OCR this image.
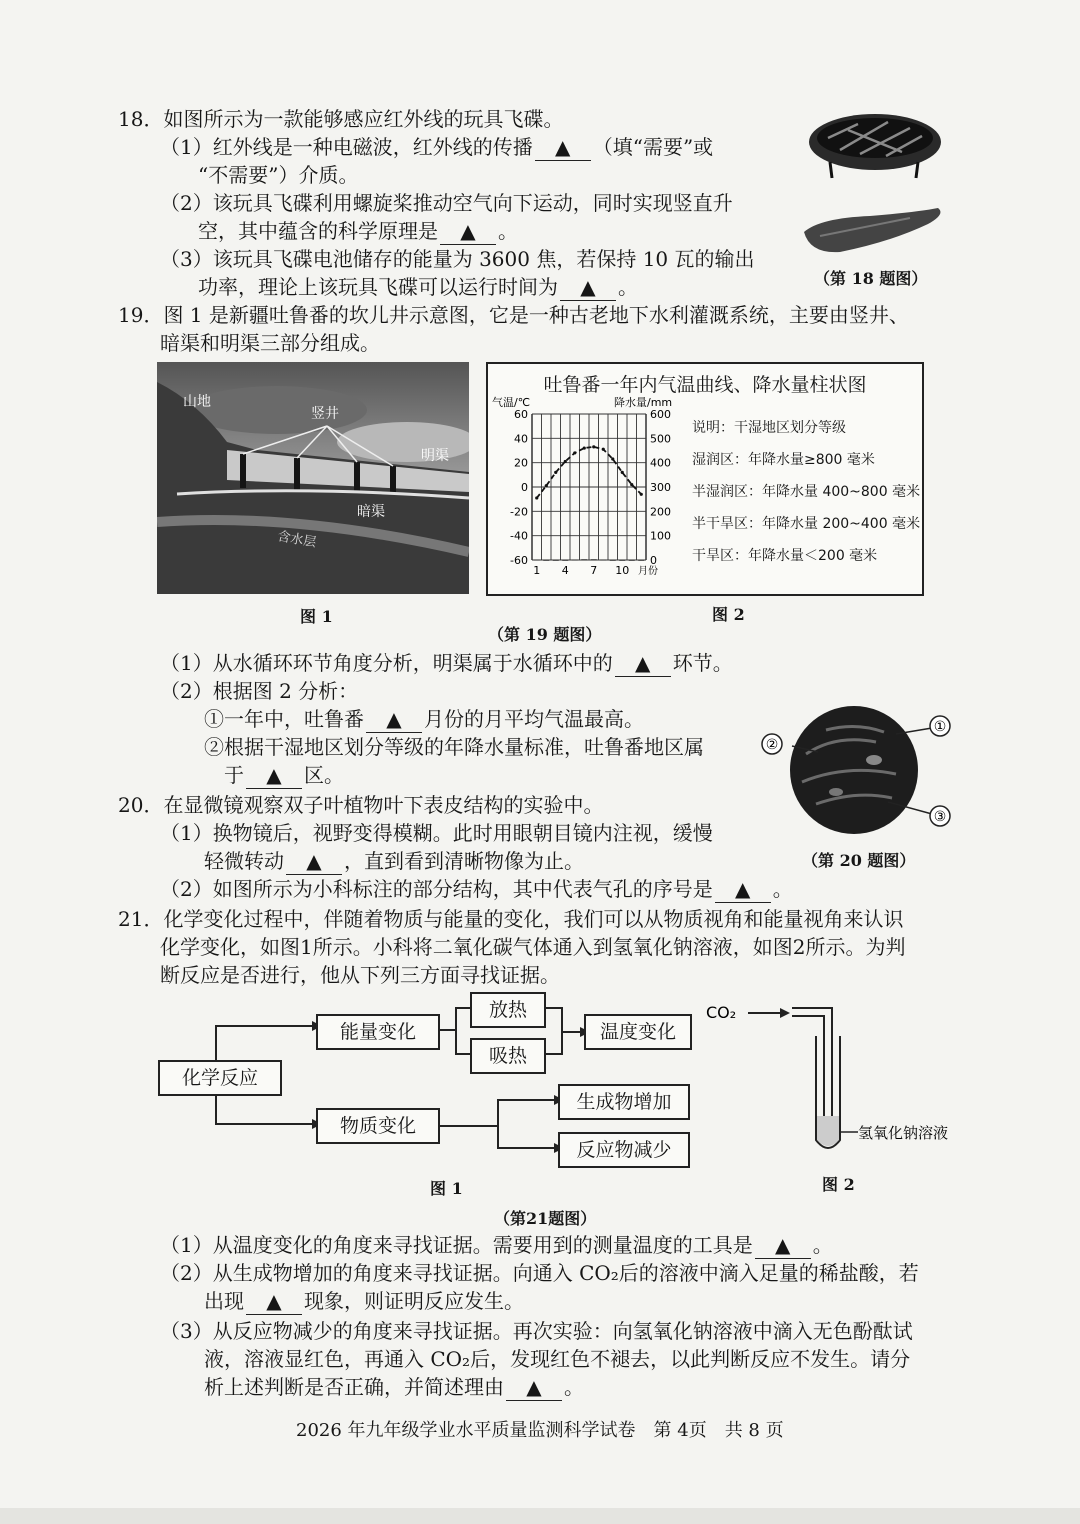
18．如图所示为一款能够感应红外线的玩具飞碟。
（1）红外线是一种电磁波，红外线的传播 ▲ （填“需要”或
“不需要”）介质。
（2）该玩具飞碟利用螺旋桨推动空气向下运动，同时实现竖直升
空，其中蕴含的科学原理是 ▲ 。
（3）该玩具飞碟电池储存的能量为 3600 焦，若保持 10 瓦的输出
功率，理论上该玩具飞碟可以运行时间为 ▲ 。	（第 18 题图）
19．图 1 是新疆吐鲁番的坎儿井示意图，它是一种古老地下水利灌溉系统，主要由竖井、
暗渠和明渠三部分组成。
山地
竖井
明渠
暗渠
含水层
图 1
吐鲁番一年内气温曲线、降水量柱状图
气温/℃	降水量/mm
60	600
40	500
20	400
0	300
-20	200
-40	100
-60	0
1 4 7 10 月份
说明：干湿地区划分等级
湿润区：年降水量≥800 毫米
半湿润区：年降水量 400~800 毫米
半干旱区：年降水量 200~400 毫米
干旱区：年降水量＜200 毫米
图 2
（第 19 题图）
（1）从水循环环节角度分析，明渠属于水循环中的 ▲ 环节。
（2）根据图 2 分析：
①一年中，吐鲁番 ▲ 月份的月平均气温最高。
②根据干湿地区划分等级的年降水量标准，吐鲁番地区属
于 ▲ 区。
20．在显微镜观察双子叶植物叶下表皮结构的实验中。
（1）换物镜后，视野变得模糊。此时用眼朝目镜内注视，缓慢
轻微转动 ▲ ，直到看到清晰物像为止。
（2）如图所示为小科标注的部分结构，其中代表气孔的序号是 ▲ 。
①
②
③
（第 20 题图）
21．化学变化过程中，伴随着物质与能量的变化，我们可以从物质视角和能量视角来认识
化学变化，如图1所示。小科将二氧化碳气体通入到氢氧化钠溶液，如图2所示。为判
断反应是否进行，他从下列三方面寻找证据。
化学反应
能量变化
放热
吸热
温度变化
物质变化
生成物增加
反应物减少
图 1
CO₂
氢氧化钠溶液
图 2
（第21题图）
（1）从温度变化的角度来寻找证据。需要用到的测量温度的工具是 ▲ 。
（2）从生成物增加的角度来寻找证据。向通入 CO₂后的溶液中滴入足量的稀盐酸，若
出现 ▲ 现象，则证明反应发生。
（3）从反应物减少的角度来寻找证据。再次实验：向氢氧化钠溶液中滴入无色酚酞试
液，溶液显红色，再通入 CO₂后，发现红色不褪去，以此判断反应不发生。请分
析上述判断是否正确，并简述理由 ▲ 。
2026 年九年级学业水平质量监测科学试卷　第 4页　共 8 页
